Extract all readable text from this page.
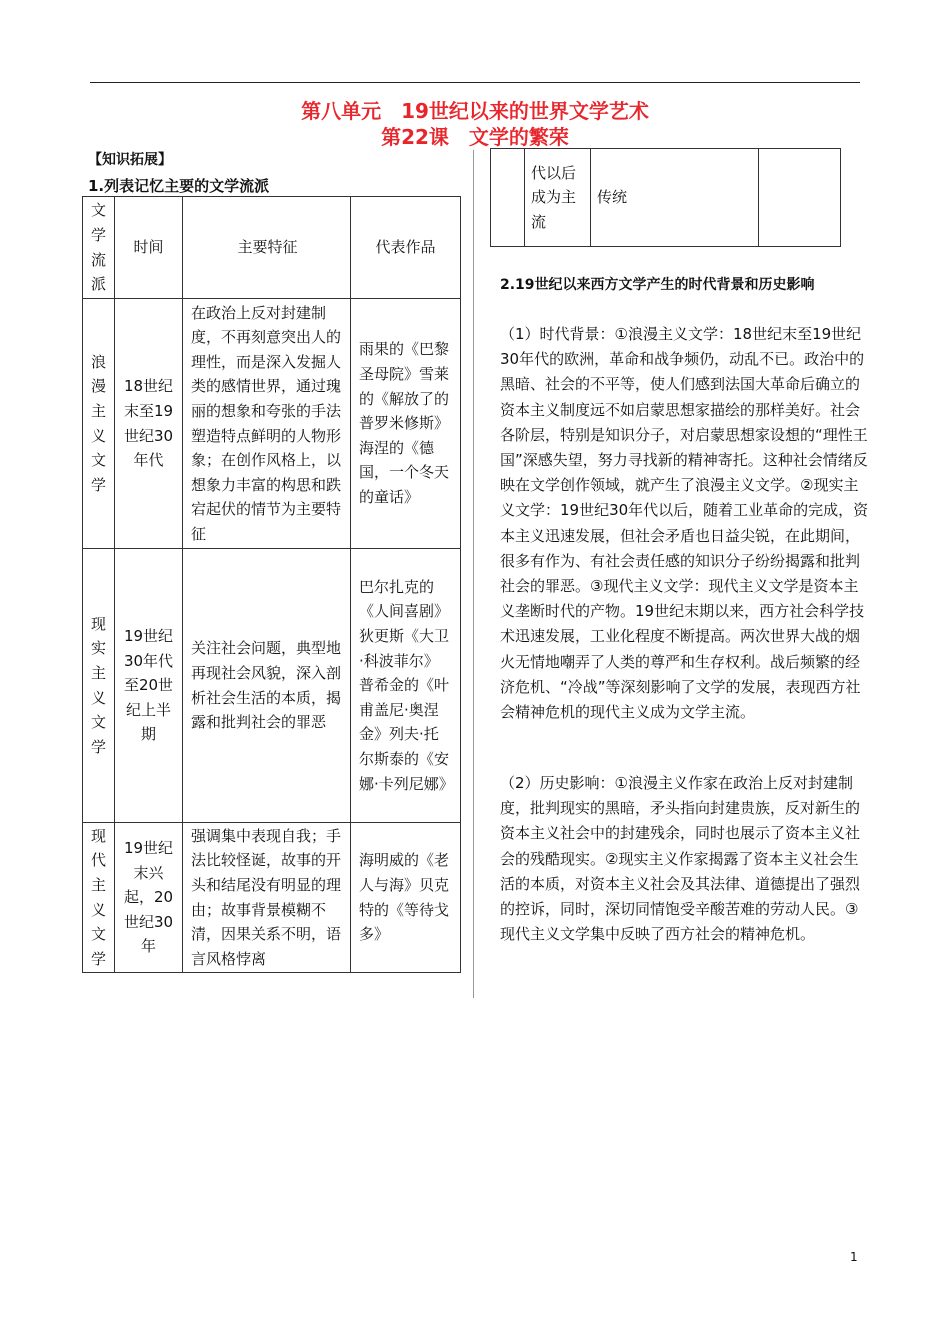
第八单元　19世纪以来的世界文学艺术
第22课　文学的繁荣
【知识拓展】
1.列表记忆主要的文学流派
文学流派	时间	主要特征	代表作品
浪漫主义文学	18世纪末至19世纪30年代	在政治上反对封建制度，不再刻意突出人的理性，而是深入发掘人类的感情世界，通过瑰丽的想象和夸张的手法塑造特点鲜明的人物形象；在创作风格上，以想象力丰富的构思和跌宕起伏的情节为主要特征	雨果的《巴黎圣母院》雪莱的《解放了的普罗米修斯》海涅的《德国，一个冬天的童话》
现实主义文学	19世纪30年代至20世纪上半期	关注社会问题，典型地再现社会风貌，深入剖析社会生活的本质，揭露和批判社会的罪恶	巴尔扎克的《人间喜剧》狄更斯《大卫·科波菲尔》普希金的《叶甫盖尼·奥涅金》列夫·托尔斯泰的《安娜·卡列尼娜》
现代主义文学	19世纪末兴起，20世纪30年	强调集中表现自我；手法比较怪诞，故事的开头和结尾没有明显的理由；故事背景模糊不清，因果关系不明，语言风格悖离	海明威的《老人与海》贝克特的《等待戈多》
	代以后成为主流	传统	
2.19世纪以来西方文学产生的时代背景和历史影响

（1）时代背景：①浪漫主义文学：18世纪末至19世纪30年代的欧洲，革命和战争频仍，动乱不已。政治中的黑暗、社会的不平等，使人们感到法国大革命后确立的资本主义制度远不如启蒙思想家描绘的那样美好。社会各阶层，特别是知识分子，对启蒙思想家设想的“理性王国”深感失望，努力寻找新的精神寄托。这种社会情绪反映在文学创作领域，就产生了浪漫主义文学。②现实主义文学：19世纪30年代以后，随着工业革命的完成，资本主义迅速发展，但社会矛盾也日益尖锐，在此期间，很多有作为、有社会责任感的知识分子纷纷揭露和批判社会的罪恶。③现代主义文学：现代主义文学是资本主义垄断时代的产物。19世纪末期以来，西方社会科学技术迅速发展，工业化程度不断提高。两次世界大战的烟火无情地嘲弄了人类的尊严和生存权利。战后频繁的经济危机、“冷战”等深刻影响了文学的发展，表现西方社会精神危机的现代主义成为文学主流。

（2）历史影响：①浪漫主义作家在政治上反对封建制度，批判现实的黑暗，矛头指向封建贵族，反对新生的资本主义社会中的封建残余，同时也展示了资本主义社会的残酷现实。②现实主义作家揭露了资本主义社会生活的本质，对资本主义社会及其法律、道德提出了强烈的控诉，同时，深切同情饱受辛酸苦难的劳动人民。③现代主义文学集中反映了西方社会的精神危机。

1
